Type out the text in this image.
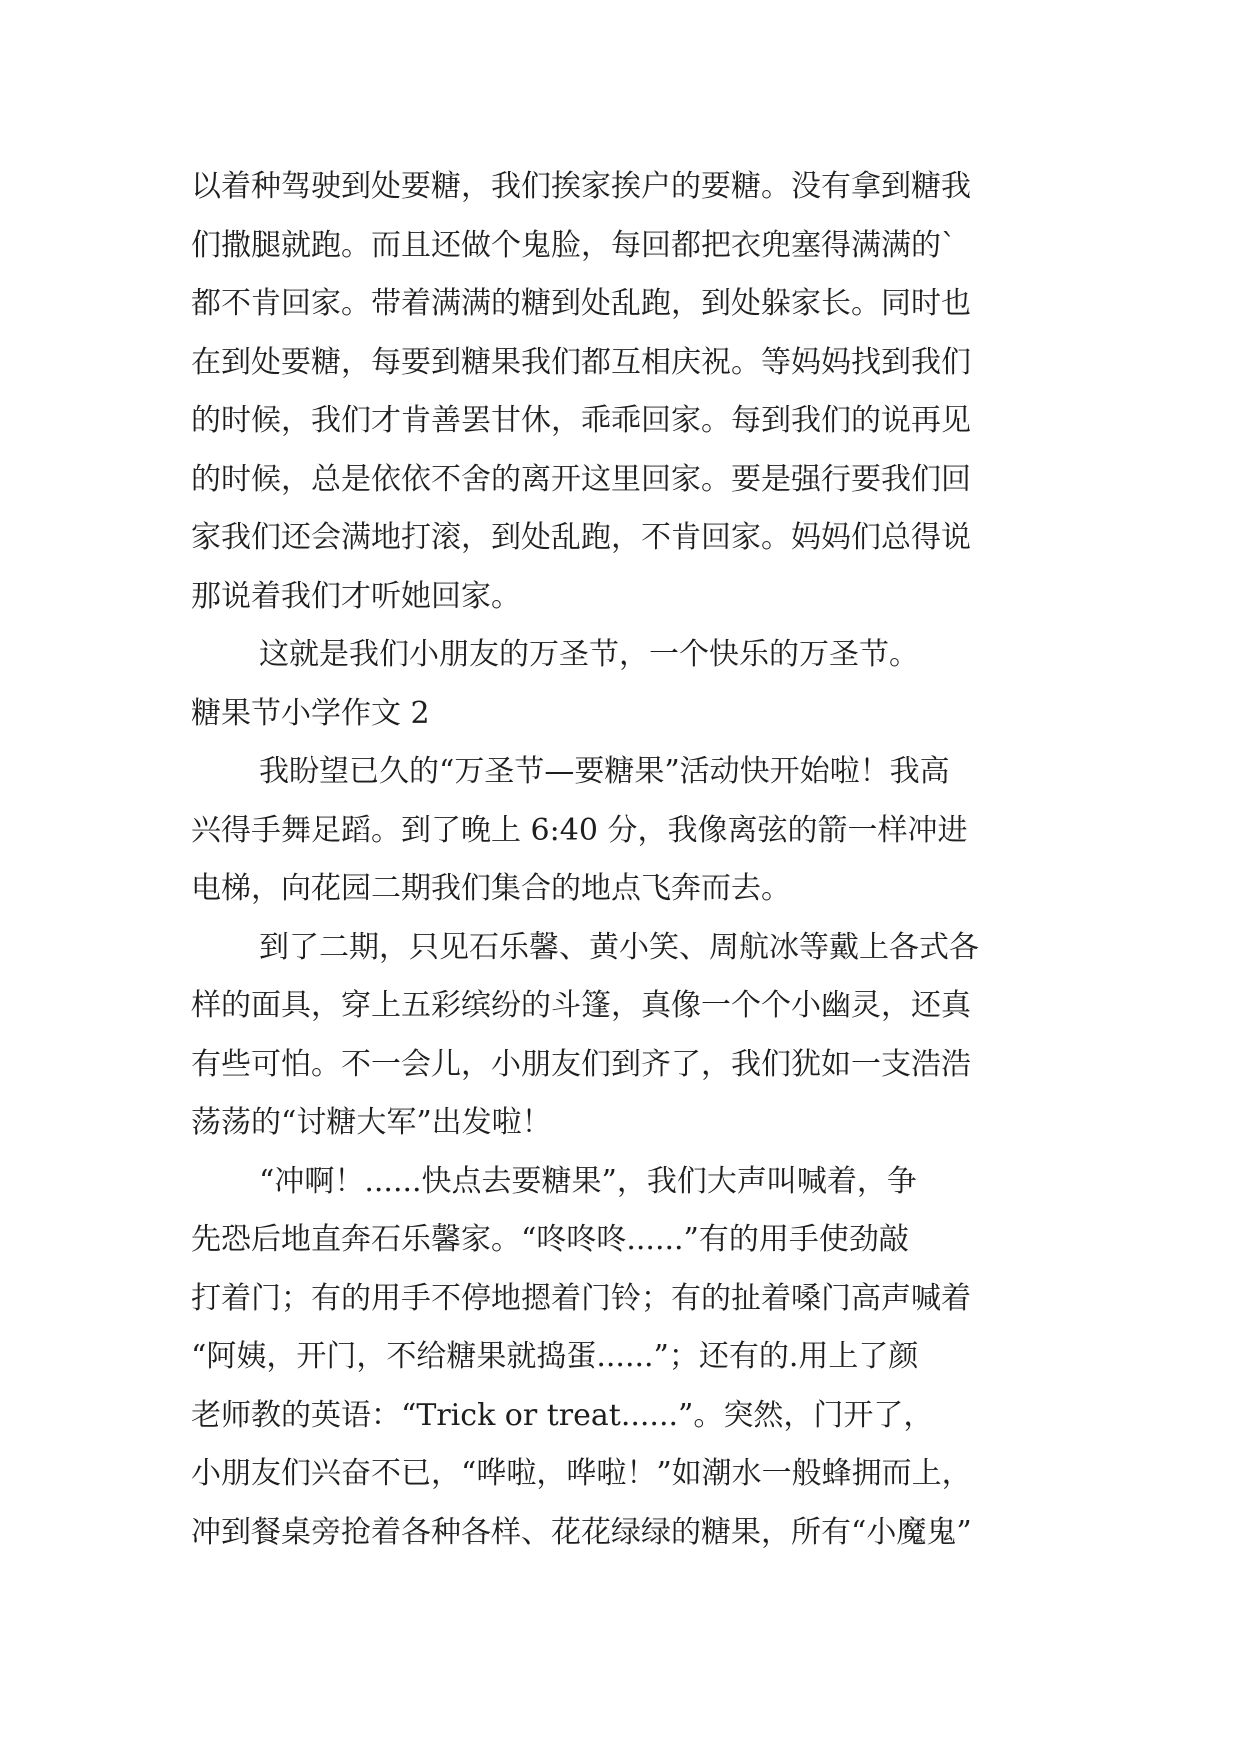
以着种驾驶到处要糖，我们挨家挨户的要糖。没有拿到糖我
们撒腿就跑。而且还做个鬼脸，每回都把衣兜塞得满满的`
都不肯回家。带着满满的糖到处乱跑，到处躲家长。同时也
在到处要糖，每要到糖果我们都互相庆祝。等妈妈找到我们
的时候，我们才肯善罢甘休，乖乖回家。每到我们的说再见
的时候，总是依依不舍的离开这里回家。要是强行要我们回
家我们还会满地打滚，到处乱跑，不肯回家。妈妈们总得说
那说着我们才听她回家。
这就是我们小朋友的万圣节，一个快乐的万圣节。
糖果节小学作文 2
我盼望已久的“万圣节—要糖果”活动快开始啦！我高
兴得手舞足蹈。到了晚上 6:40 分，我像离弦的箭一样冲进
电梯，向花园二期我们集合的地点飞奔而去。
到了二期，只见石乐馨、黄小笑、周航冰等戴上各式各
样的面具，穿上五彩缤纷的斗篷，真像一个个小幽灵，还真
有些可怕。不一会儿，小朋友们到齐了，我们犹如一支浩浩
荡荡的“讨糖大军”出发啦！
“冲啊！......快点去要糖果”，我们大声叫喊着，争
先恐后地直奔石乐馨家。“咚咚咚......”有的用手使劲敲
打着门；有的用手不停地摁着门铃；有的扯着嗓门高声喊着
“阿姨，开门，不给糖果就捣蛋......”；还有的.用上了颜
老师教的英语：“Trick or treat......”。突然，门开了，
小朋友们兴奋不已，“哗啦，哗啦！”如潮水一般蜂拥而上，
冲到餐桌旁抢着各种各样、花花绿绿的糖果，所有“小魔鬼”
